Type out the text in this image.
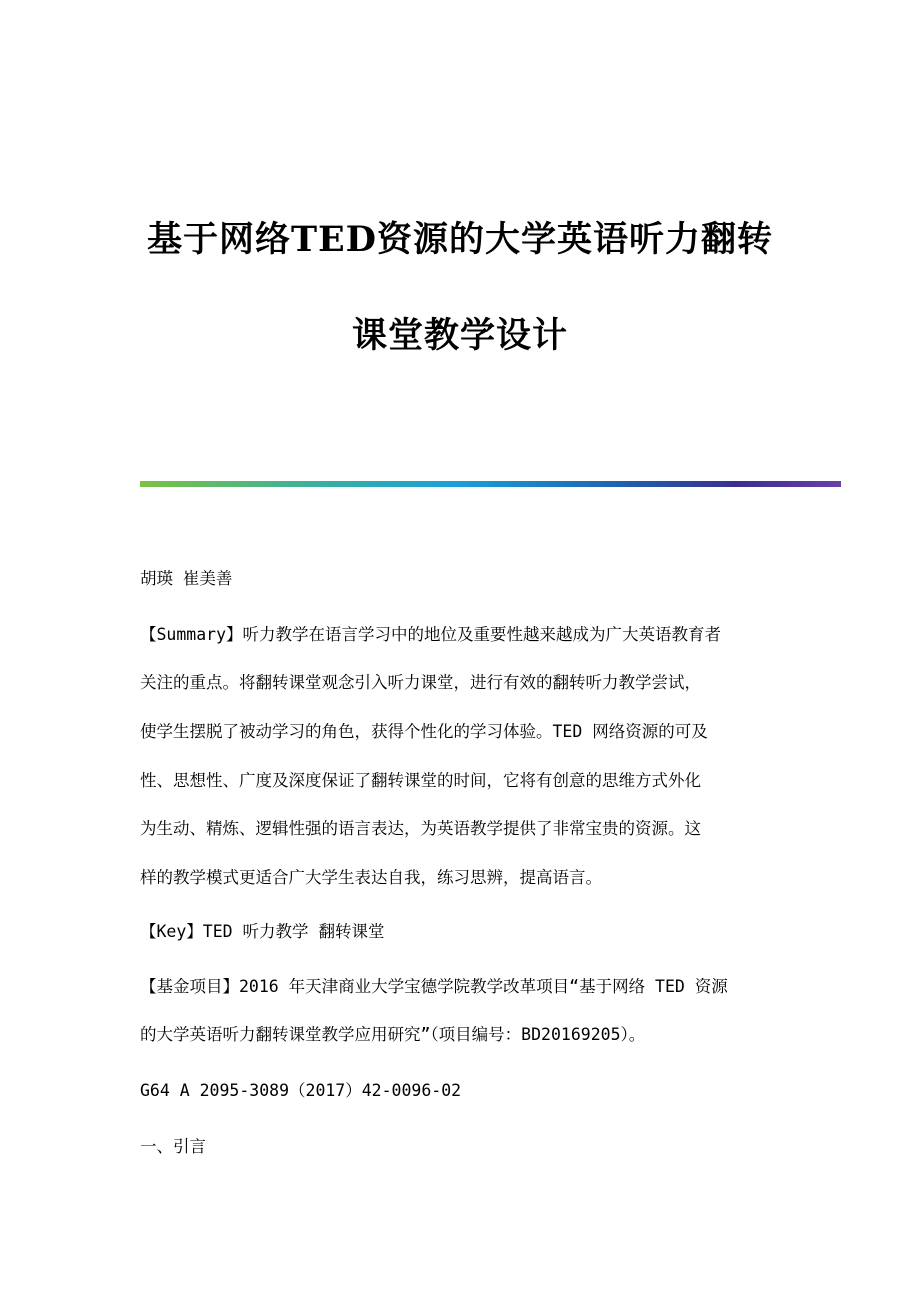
基于网络TED资源的大学英语听力翻转
课堂教学设计

胡瑛 崔美善

【Summary】听力教学在语言学习中的地位及重要性越来越成为广大英语教育者

关注的重点。将翻转课堂观念引入听力课堂，进行有效的翻转听力教学尝试，

使学生摆脱了被动学习的角色，获得个性化的学习体验。TED 网络资源的可及

性、思想性、广度及深度保证了翻转课堂的时间，它将有创意的思维方式外化

为生动、精炼、逻辑性强的语言表达，为英语教学提供了非常宝贵的资源。这

样的教学模式更适合广大学生表达自我，练习思辨，提高语言。

【Key】TED 听力教学 翻转课堂

【基金项目】2016 年天津商业大学宝德学院教学改革项目“基于网络 TED 资源

的大学英语听力翻转课堂教学应用研究”（项目编号：BD20169205）。

G64 A 2095-3089（2017）42-0096-02

一、引言
